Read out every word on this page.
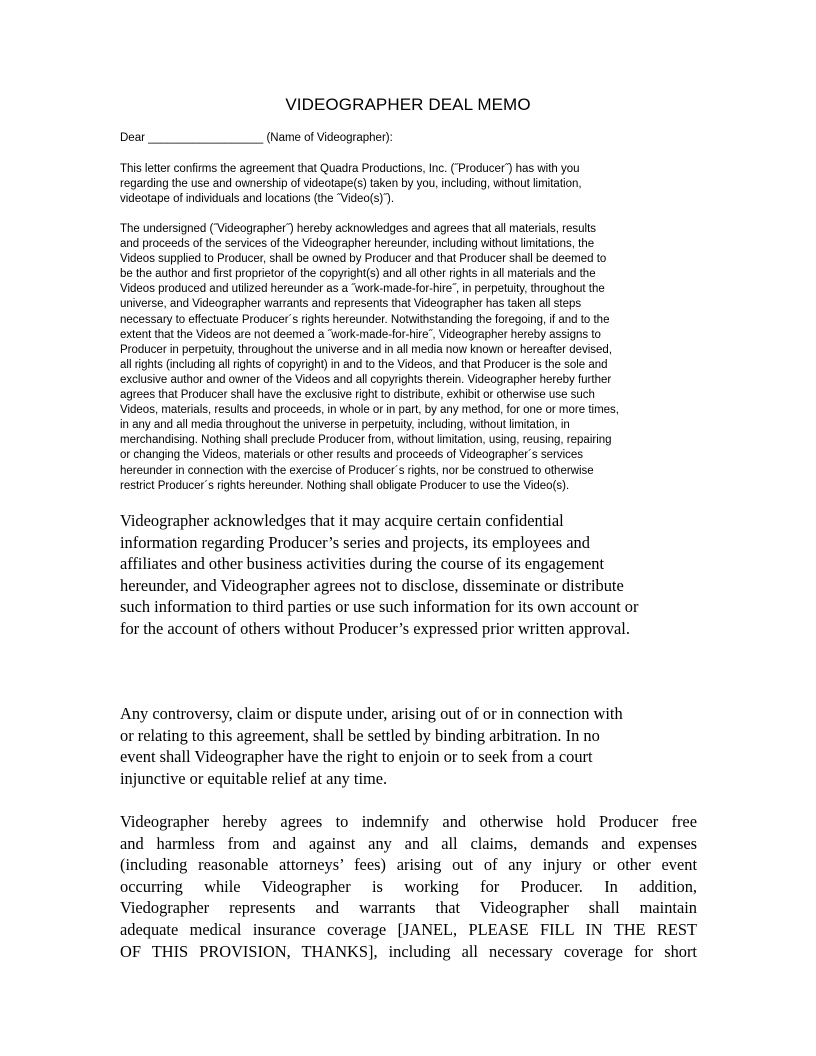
VIDEOGRAPHER DEAL MEMO
Dear __________________ (Name of Videographer):
This letter confirms the agreement that Quadra Productions, Inc. (˝Producer˝) has with you
regarding the use and ownership of videotape(s) taken by you, including, without limitation,
videotape of individuals and locations (the ˝Video(s)˝).
The undersigned (˝Videographer˝) hereby acknowledges and agrees that all materials, results
and proceeds of the services of the Videographer hereunder, including without limitations, the
Videos supplied to Producer, shall be owned by Producer and that Producer shall be deemed to
be the author and first proprietor of the copyright(s) and all other rights in all materials and the
Videos produced and utilized hereunder as a ˝work-made-for-hire˝, in perpetuity, throughout the
universe, and Videographer warrants and represents that Videographer has taken all steps
necessary to effectuate Producer´s rights hereunder. Notwithstanding the foregoing, if and to the
extent that the Videos are not deemed a ˝work-made-for-hire˝, Videographer hereby assigns to
Producer in perpetuity, throughout the universe and in all media now known or hereafter devised,
all rights (including all rights of copyright) in and to the Videos, and that Producer is the sole and
exclusive author and owner of the Videos and all copyrights therein. Videographer hereby further
agrees that Producer shall have the exclusive right to distribute, exhibit or otherwise use such
Videos, materials, results and proceeds, in whole or in part, by any method, for one or more times,
in any and all media throughout the universe in perpetuity, including, without limitation, in
merchandising. Nothing shall preclude Producer from, without limitation, using, reusing, repairing
or changing the Videos, materials or other results and proceeds of Videographer´s services
hereunder in connection with the exercise of Producer´s rights, nor be construed to otherwise
restrict Producer´s rights hereunder. Nothing shall obligate Producer to use the Video(s).
Videographer acknowledges that it may acquire certain confidential
information regarding Producer’s series and projects, its employees and
affiliates and other business activities during the course of its engagement
hereunder, and Videographer agrees not to disclose, disseminate or distribute
such information to third parties or use such information for its own account or
for the account of others without Producer’s expressed prior written approval.
Any controversy, claim or dispute under, arising out of or in connection with
or relating to this agreement, shall be settled by binding arbitration. In no
event shall Videographer have the right to enjoin or to seek from a court
injunctive or equitable relief at any time.
Videographer hereby agrees to indemnify and otherwise hold Producer free
and harmless from and against any and all claims, demands and expenses
(including reasonable attorneys’ fees) arising out of any injury or other event
occurring while Videographer is working for Producer. In addition,
Viedographer represents and warrants that Videographer shall maintain
adequate medical insurance coverage [JANEL, PLEASE FILL IN THE REST
OF THIS PROVISION, THANKS], including all necessary coverage for short
